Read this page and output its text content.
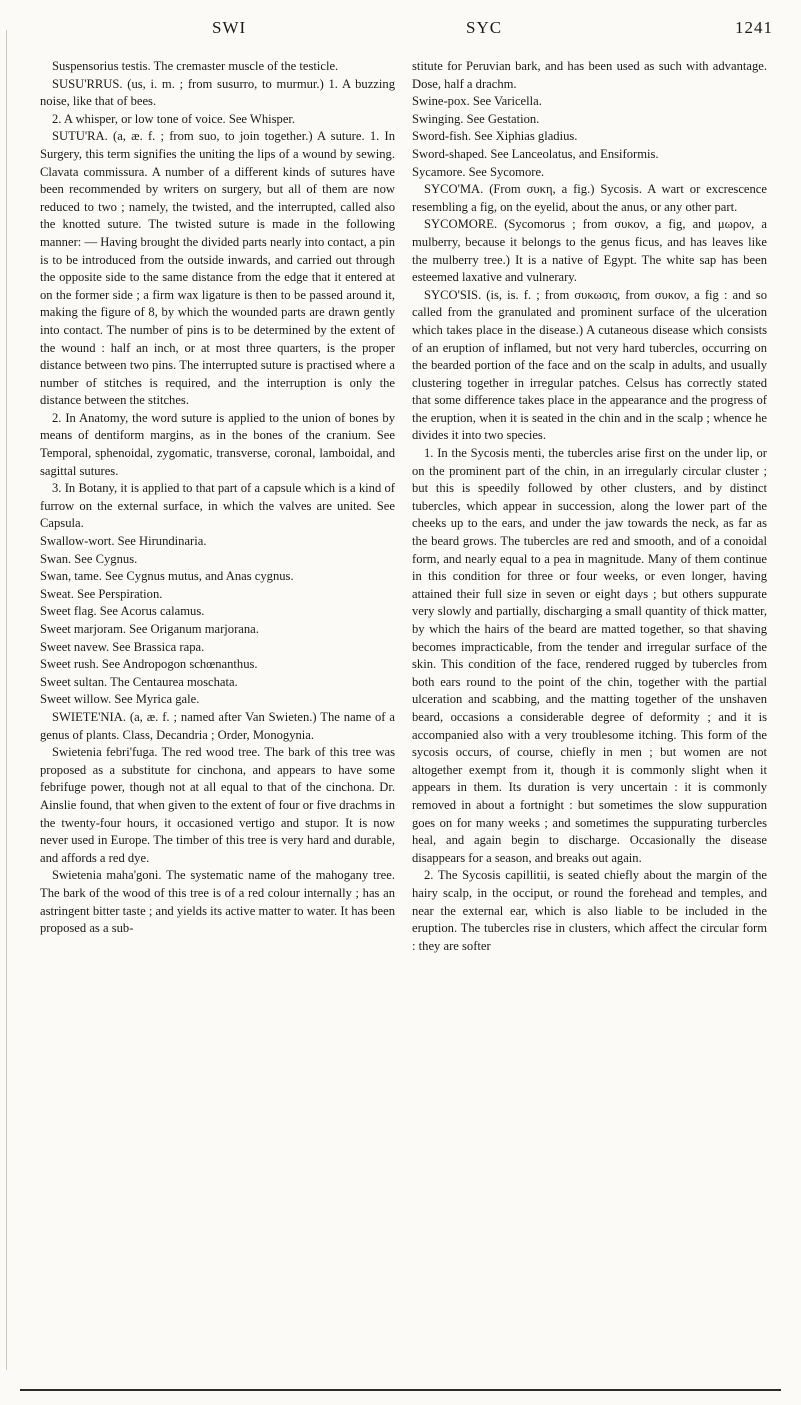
SWI	SYC	1241

Suspensorius testis. The cremaster muscle of the testicle.

SUSU'RRUS. (us, i. m. ; from susurro, to murmur.) 1. A buzzing noise, like that of bees.

2. A whisper, or low tone of voice. See Whisper.

SUTU'RA. (a, æ. f. ; from suo, to join together.) A suture. 1. In Surgery, this term signifies the uniting the lips of a wound by sewing. Clavata commissura. A number of a different kinds of sutures have been recommended by writers on surgery, but all of them are now reduced to two ; namely, the twisted, and the interrupted, called also the knotted suture. The twisted suture is made in the following manner: — Having brought the divided parts nearly into contact, a pin is to be introduced from the outside inwards, and carried out through the opposite side to the same distance from the edge that it entered at on the former side ; a firm wax ligature is then to be passed around it, making the figure of 8, by which the wounded parts are drawn gently into contact. The number of pins is to be determined by the extent of the wound : half an inch, or at most three quarters, is the proper distance between two pins. The interrupted suture is practised where a number of stitches is required, and the interruption is only the distance between the stitches.

2. In Anatomy, the word suture is applied to the union of bones by means of dentiform margins, as in the bones of the cranium. See Temporal, sphenoidal, zygomatic, transverse, coronal, lamboidal, and sagittal sutures.

3. In Botany, it is applied to that part of a capsule which is a kind of furrow on the external surface, in which the valves are united. See Capsula.

Swallow-wort. See Hirundinaria.

Swan. See Cygnus.

Swan, tame. See Cygnus mutus, and Anas cygnus.

Sweat. See Perspiration.

Sweet flag. See Acorus calamus.

Sweet marjoram. See Origanum marjorana.

Sweet navew. See Brassica rapa.

Sweet rush. See Andropogon schœnanthus.

Sweet sultan. The Centaurea moschata.

Sweet willow. See Myrica gale.

SWIETE'NIA. (a, æ. f. ; named after Van Swieten.) The name of a genus of plants. Class, Decandria ; Order, Monogynia.

Swietenia febri'fuga. The red wood tree. The bark of this tree was proposed as a substitute for cinchona, and appears to have some febrifuge power, though not at all equal to that of the cinchona. Dr. Ainslie found, that when given to the extent of four or five drachms in the twenty-four hours, it occasioned vertigo and stupor. It is now never used in Europe. The timber of this tree is very hard and durable, and affords a red dye.

Swietenia maha'goni. The systematic name of the mahogany tree. The bark of the wood of this tree is of a red colour internally ; has an astringent bitter taste ; and yields its active matter to water. It has been proposed as a sub-

stitute for Peruvian bark, and has been used as such with advantage. Dose, half a drachm.

Swine-pox. See Varicella.

Swinging. See Gestation.

Sword-fish. See Xiphias gladius.

Sword-shaped. See Lanceolatus, and Ensiformis.

Sycamore. See Sycomore.

SYCO'MA. (From συκη, a fig.) Sycosis. A wart or excrescence resembling a fig, on the eyelid, about the anus, or any other part.

SYCOMORE. (Sycomorus ; from συκον, a fig, and μωρον, a mulberry, because it belongs to the genus ficus, and has leaves like the mulberry tree.) It is a native of Egypt. The white sap has been esteemed laxative and vulnerary.

SYCO'SIS. (is, is. f. ; from συκωσις, from συκον, a fig : and so called from the granulated and prominent surface of the ulceration which takes place in the disease.) A cutaneous disease which consists of an eruption of inflamed, but not very hard tubercles, occurring on the bearded portion of the face and on the scalp in adults, and usually clustering together in irregular patches. Celsus has correctly stated that some difference takes place in the appearance and the progress of the eruption, when it is seated in the chin and in the scalp ; whence he divides it into two species.

1. In the Sycosis menti, the tubercles arise first on the under lip, or on the prominent part of the chin, in an irregularly circular cluster ; but this is speedily followed by other clusters, and by distinct tubercles, which appear in succession, along the lower part of the cheeks up to the ears, and under the jaw towards the neck, as far as the beard grows. The tubercles are red and smooth, and of a conoidal form, and nearly equal to a pea in magnitude. Many of them continue in this condition for three or four weeks, or even longer, having attained their full size in seven or eight days ; but others suppurate very slowly and partially, discharging a small quantity of thick matter, by which the hairs of the beard are matted together, so that shaving becomes impracticable, from the tender and irregular surface of the skin. This condition of the face, rendered rugged by tubercles from both ears round to the point of the chin, together with the partial ulceration and scabbing, and the matting together of the unshaven beard, occasions a considerable degree of deformity ; and it is accompanied also with a very troublesome itching. This form of the sycosis occurs, of course, chiefly in men ; but women are not altogether exempt from it, though it is commonly slight when it appears in them. Its duration is very uncertain : it is commonly removed in about a fortnight : but sometimes the slow suppuration goes on for many weeks ; and sometimes the suppurating turbercles heal, and again begin to discharge. Occasionally the disease disappears for a season, and breaks out again.

2. The Sycosis capillitii, is seated chiefly about the margin of the hairy scalp, in the occiput, or round the forehead and temples, and near the external ear, which is also liable to be included in the eruption. The tubercles rise in clusters, which affect the circular form : they are softer
